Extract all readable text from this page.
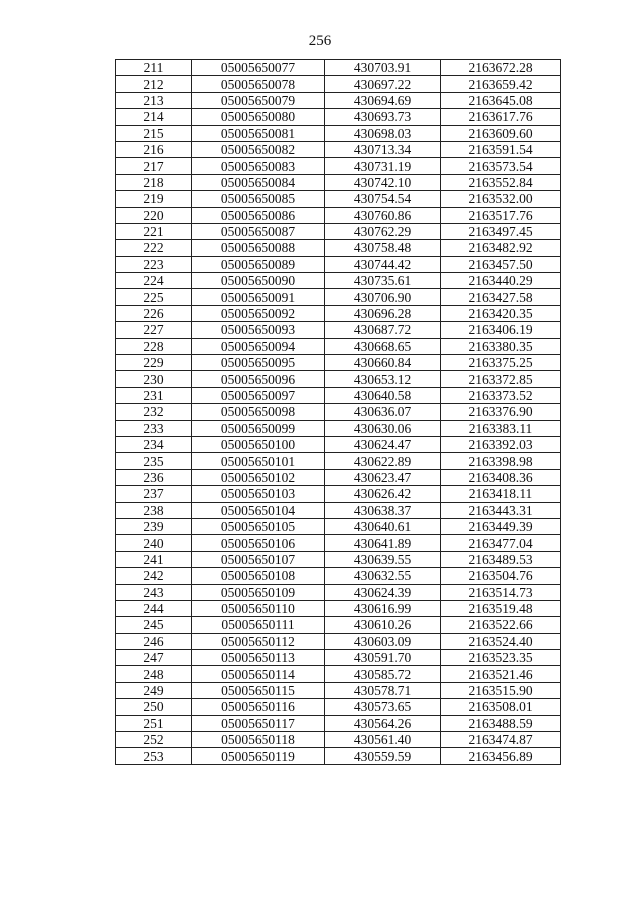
256
211	05005650077	430703.91	2163672.28
212	05005650078	430697.22	2163659.42
213	05005650079	430694.69	2163645.08
214	05005650080	430693.73	2163617.76
215	05005650081	430698.03	2163609.60
216	05005650082	430713.34	2163591.54
217	05005650083	430731.19	2163573.54
218	05005650084	430742.10	2163552.84
219	05005650085	430754.54	2163532.00
220	05005650086	430760.86	2163517.76
221	05005650087	430762.29	2163497.45
222	05005650088	430758.48	2163482.92
223	05005650089	430744.42	2163457.50
224	05005650090	430735.61	2163440.29
225	05005650091	430706.90	2163427.58
226	05005650092	430696.28	2163420.35
227	05005650093	430687.72	2163406.19
228	05005650094	430668.65	2163380.35
229	05005650095	430660.84	2163375.25
230	05005650096	430653.12	2163372.85
231	05005650097	430640.58	2163373.52
232	05005650098	430636.07	2163376.90
233	05005650099	430630.06	2163383.11
234	05005650100	430624.47	2163392.03
235	05005650101	430622.89	2163398.98
236	05005650102	430623.47	2163408.36
237	05005650103	430626.42	2163418.11
238	05005650104	430638.37	2163443.31
239	05005650105	430640.61	2163449.39
240	05005650106	430641.89	2163477.04
241	05005650107	430639.55	2163489.53
242	05005650108	430632.55	2163504.76
243	05005650109	430624.39	2163514.73
244	05005650110	430616.99	2163519.48
245	05005650111	430610.26	2163522.66
246	05005650112	430603.09	2163524.40
247	05005650113	430591.70	2163523.35
248	05005650114	430585.72	2163521.46
249	05005650115	430578.71	2163515.90
250	05005650116	430573.65	2163508.01
251	05005650117	430564.26	2163488.59
252	05005650118	430561.40	2163474.87
253	05005650119	430559.59	2163456.89
